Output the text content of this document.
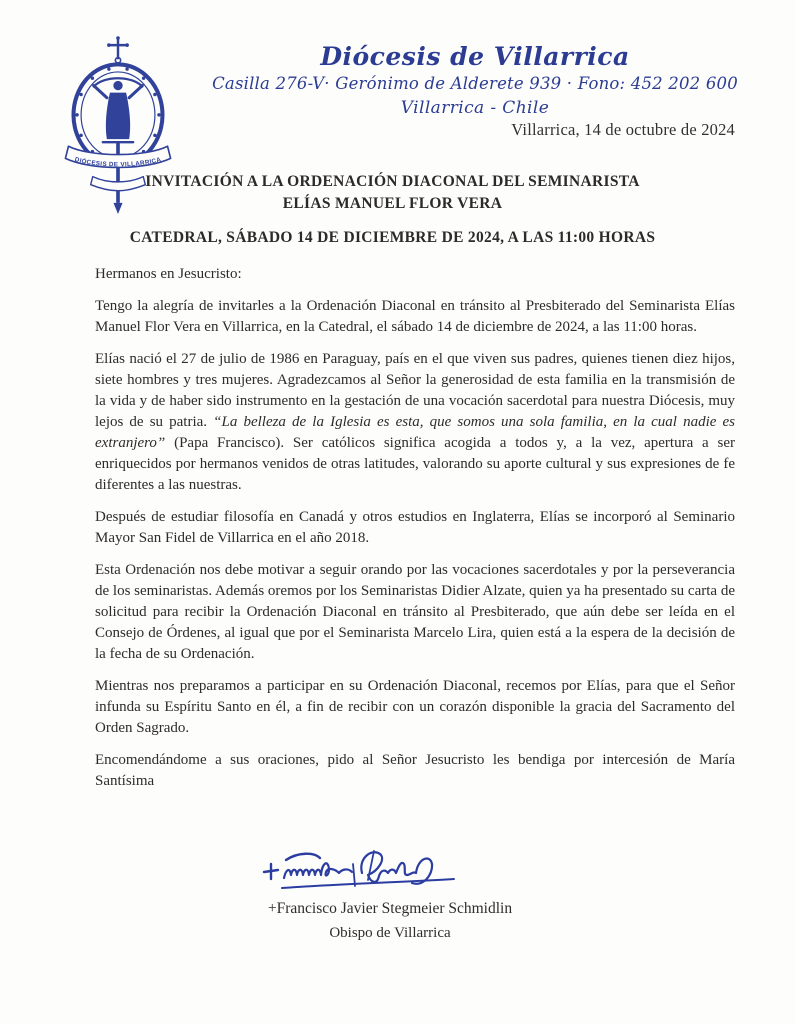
DIÓCESIS DE VILLARRICA
Diócesis de Villarrica
Casilla 276-V· Gerónimo de Alderete 939 · Fono: 452 202 600
Villarrica - Chile
Villarrica, 14 de octubre de 2024
INVITACIÓN A LA ORDENACIÓN DIACONAL DEL SEMINARISTA
ELÍAS MANUEL FLOR VERA
CATEDRAL, SÁBADO 14 DE DICIEMBRE DE 2024, A LAS 11:00 HORAS

Hermanos en Jesucristo:

Tengo la alegría de invitarles a la Ordenación Diaconal en tránsito al Presbiterado del Seminarista Elías Manuel Flor Vera en Villarrica, en la Catedral, el sábado 14 de diciembre de 2024, a las 11:00 horas.

Elías nació el 27 de julio de 1986 en Paraguay, país en el que viven sus padres, quienes tienen diez hijos, siete hombres y tres mujeres. Agradezcamos al Señor la generosidad de esta familia en la transmisión de la vida y de haber sido instrumento en la gestación de una vocación sacerdotal para nuestra Diócesis, muy lejos de su patria. “La belleza de la Iglesia es esta, que somos una sola familia, en la cual nadie es extranjero” (Papa Francisco). Ser católicos significa acogida a todos y, a la vez, apertura a ser enriquecidos por hermanos venidos de otras latitudes, valorando su aporte cultural y sus expresiones de fe diferentes a las nuestras.

Después de estudiar filosofía en Canadá y otros estudios en Inglaterra, Elías se incorporó al Seminario Mayor San Fidel de Villarrica en el año 2018.

Esta Ordenación nos debe motivar a seguir orando por las vocaciones sacerdotales y por la perseverancia de los seminaristas. Además oremos por los Seminaristas Didier Alzate, quien ya ha presentado su carta de solicitud para recibir la Ordenación Diaconal en tránsito al Presbiterado, que aún debe ser leída en el Consejo de Órdenes, al igual que por el Seminarista Marcelo Lira, quien está a la espera de la decisión de la fecha de su Ordenación.

Mientras nos preparamos a participar en su Ordenación Diaconal, recemos por Elías, para que el Señor infunda su Espíritu Santo en él, a fin de recibir con un corazón disponible la gracia del Sacramento del Orden Sagrado.

Encomendándome a sus oraciones, pido al Señor Jesucristo les bendiga por intercesión de María Santísima

+Francisco Javier Stegmeier Schmidlin
Obispo de Villarrica
